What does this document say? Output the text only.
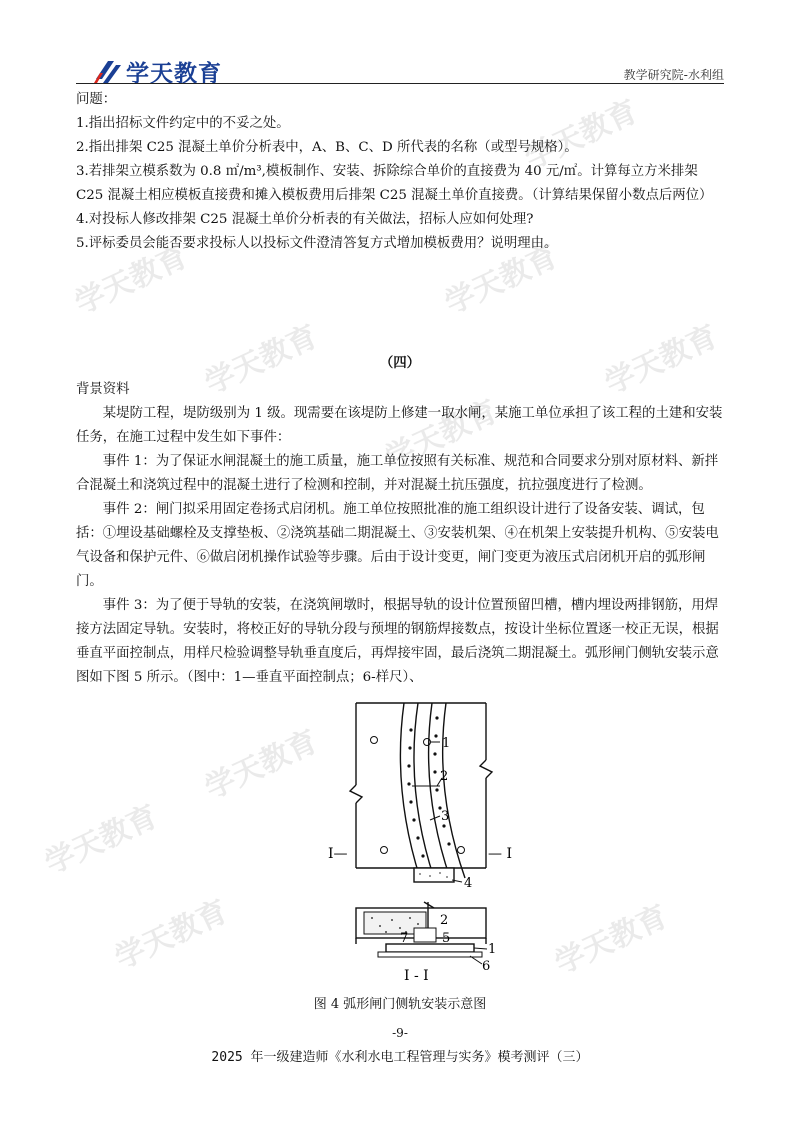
学天教育
学天教育	学天教育
学天教育	学天教育
学天教育
学天教育
学天教育
学天教育	学天教育
学天教育	教学研究院-水利组

问题：

1.指出招标文件约定中的不妥之处。

2.指出排架 C25 混凝土单价分析表中，A、B、C、D 所代表的名称（或型号规格）。

3.若排架立模系数为 0.8 ㎡/m³,模板制作、安装、拆除综合单价的直接费为 40 元/㎡。计算每立方米排架 C25 混凝土相应模板直接费和摊入模板费用后排架 C25 混凝土单价直接费。（计算结果保留小数点后两位）

4.对投标人修改排架 C25 混凝土单价分析表的有关做法，招标人应如何处理?

5.评标委员会能否要求投标人以投标文件澄清答复方式增加模板费用？说明理由。

（四）

背景资料

某堤防工程，堤防级别为 1 级。现需要在该堤防上修建一取水闸，某施工单位承担了该工程的土建和安装任务，在施工过程中发生如下事件：

事件 1：为了保证水闸混凝土的施工质量，施工单位按照有关标准、规范和合同要求分别对原材料、新拌合混凝土和浇筑过程中的混凝土进行了检测和控制，并对混凝土抗压强度，抗拉强度进行了检测。

事件 2：闸门拟采用固定卷扬式启闭机。施工单位按照批准的施工组织设计进行了设备安装、调试，包括：①埋设基础螺栓及支撑垫板、②浇筑基础二期混凝土、③安装机架、④在机架上安装提升机构、⑤安装电气设备和保护元件、⑥做启闭机操作试验等步骤。后由于设计变更，闸门变更为液压式启闭机开启的弧形闸门。

事件 3：为了便于导轨的安装，在浇筑闸墩时，根据导轨的设计位置预留凹槽，槽内埋设两排钢筋，用焊接方法固定导轨。安装时，将校正好的导轨分段与预埋的钢筋焊接数点，按设计坐标位置逐一校正无误，根据垂直平面控制点，用样尺检验调整导轨垂直度后，再焊接牢固，最后浇筑二期混凝土。弧形闸门侧轨安装示意图如下图 5 所示。（图中：1—垂直平面控制点；6-样尺）、

1
2
3
4
I—	— I
2
5
7
1
6
I - I
图 4 弧形闸门侧轨安装示意图
-9-
2025 年一级建造师《水利水电工程管理与实务》模考测评（三）
